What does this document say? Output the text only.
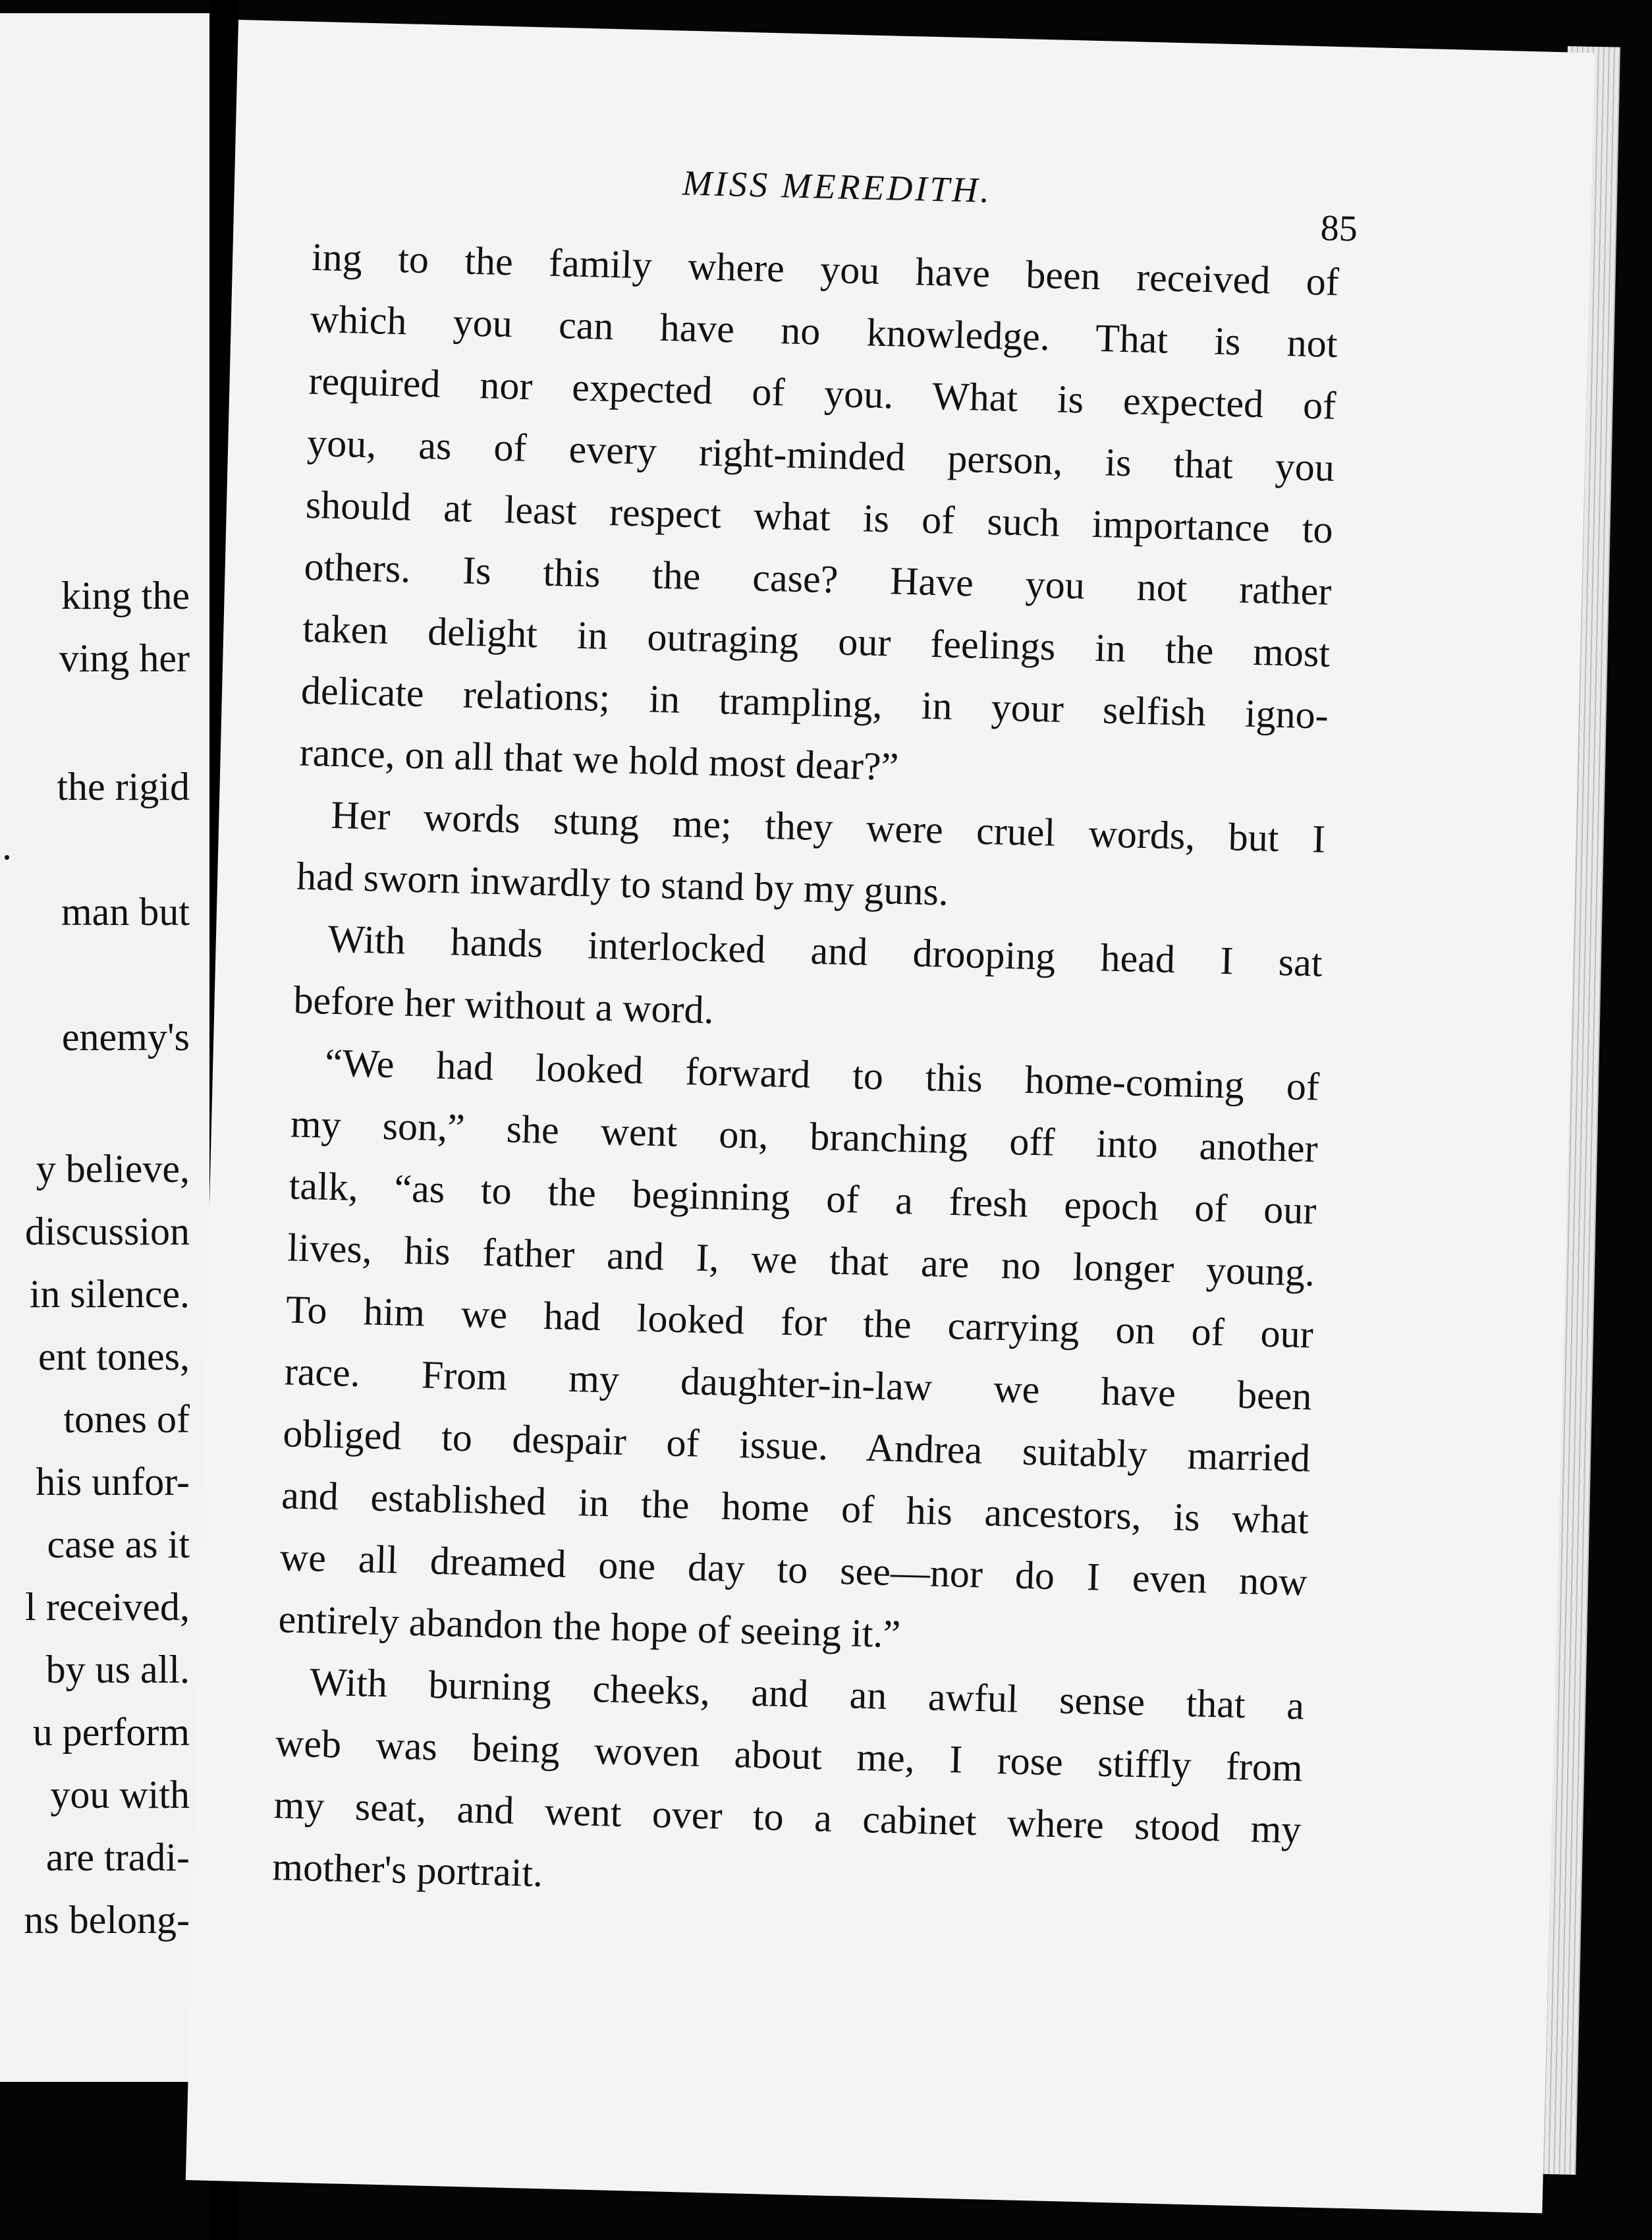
king the
ving her
the rigid
.
man but
enemy's
y believe,
discussion
in silence.
ent tones,
tones of
his unfor-
case as it
l received,
by us all.
u perform
you with
are tradi-
ns belong-
MISS MEREDITH.
85
ing to the family where you have been received of
which you can have no knowledge. That is not
required nor expected of you. What is expected of
you, as of every right-minded person, is that you
should at least respect what is of such importance to
others. Is this the case? Have you not rather
taken delight in outraging our feelings in the most
delicate relations; in trampling, in your selfish igno-
rance, on all that we hold most dear?”
Her words stung me; they were cruel words, but I
had sworn inwardly to stand by my guns.
With hands interlocked and drooping head I sat
before her without a word.
“We had looked forward to this home-coming of
my son,” she went on, branching off into another
talk, “as to the beginning of a fresh epoch of our
lives, his father and I, we that are no longer young.
To him we had looked for the carrying on of our
race. From my daughter-in-law we have been
obliged to despair of issue. Andrea suitably married
and established in the home of his ancestors, is what
we all dreamed one day to see—nor do I even now
entirely abandon the hope of seeing it.”
With burning cheeks, and an awful sense that a
web was being woven about me, I rose stiffly from
my seat, and went over to a cabinet where stood my
mother's portrait.
